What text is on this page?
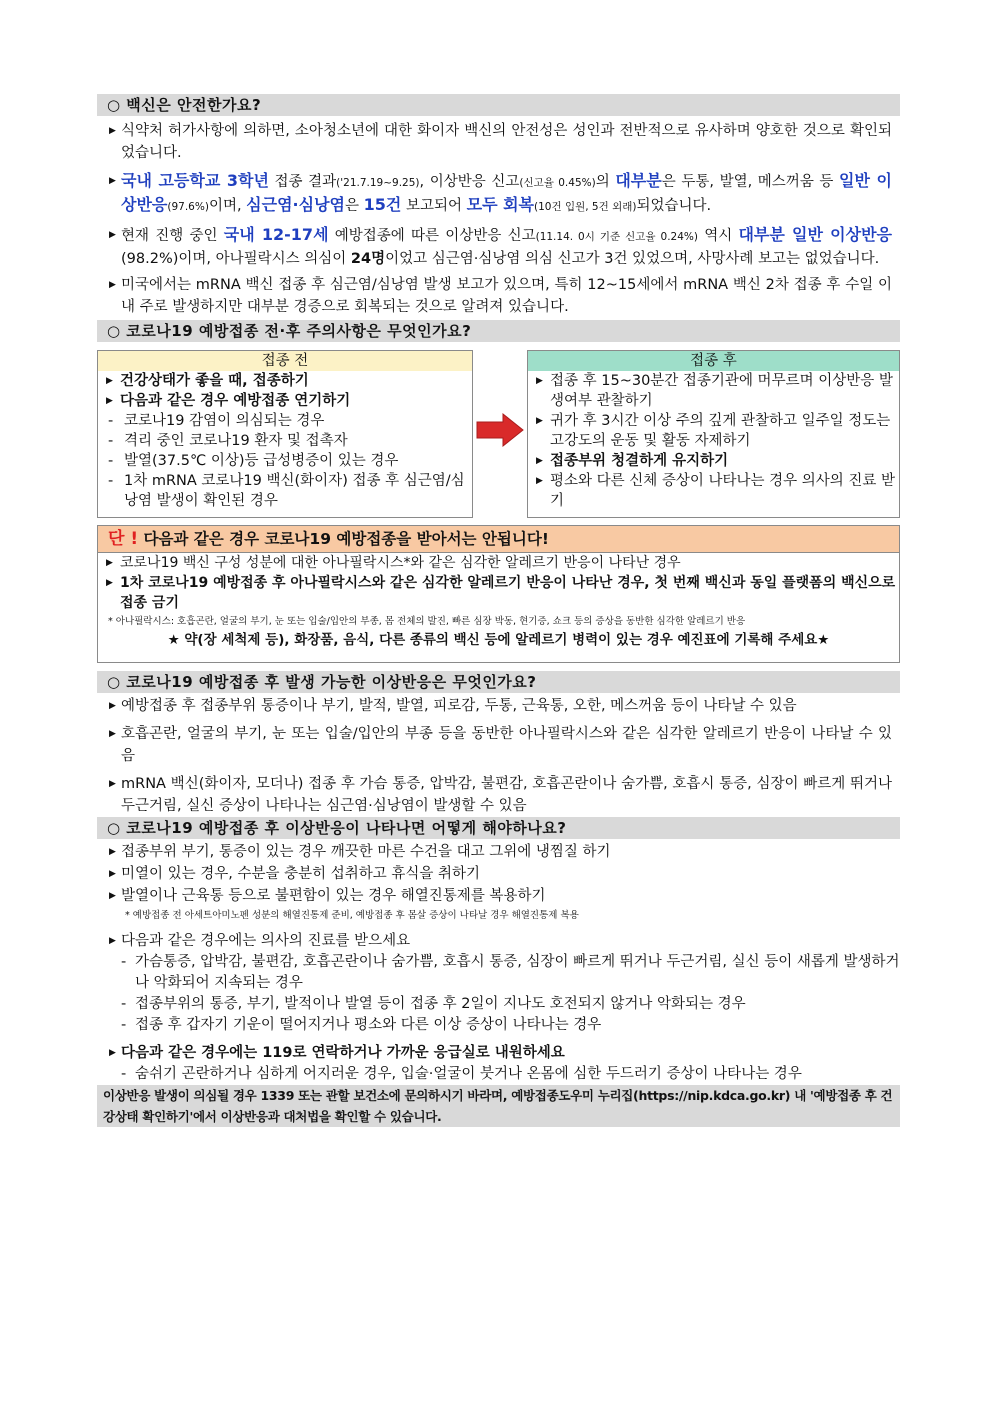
○ 백신은 안전한가요?
▶ 식약처 허가사항에 의하면, 소아청소년에 대한 화이자 백신의 안전성은 성인과 전반적으로 유사하며 양호한 것으로 확인되었습니다.
▶ 국내 고등학교 3학년 접종 결과('21.7.19~9.25), 이상반응 신고(신고율 0.45%)의 대부분은 두통, 발열, 메스꺼움 등 일반 이상반응(97.6%)이며, 심근염·심낭염은 15건 보고되어 모두 회복(10건 입원, 5건 외래)되었습니다.
▶ 현재 진행 중인 국내 12-17세 예방접종에 따른 이상반응 신고(11.14. 0시 기준 신고율 0.24%) 역시 대부분 일반 이상반응(98.2%)이며, 아나필락시스 의심이 24명이었고 심근염·심낭염 의심 신고가 3건 있었으며, 사망사례 보고는 없었습니다.
▶ 미국에서는 mRNA 백신 접종 후 심근염/심낭염 발생 보고가 있으며, 특히 12~15세에서 mRNA 백신 2차 접종 후 수일 이내 주로 발생하지만 대부분 경증으로 회복되는 것으로 알려져 있습니다.
○ 코로나19 예방접종 전·후 주의사항은 무엇인가요?
접종 전
▶ 건강상태가 좋을 때, 접종하기
▶ 다음과 같은 경우 예방접종 연기하기
- 코로나19 감염이 의심되는 경우
- 격리 중인 코로나19 환자 및 접촉자
- 발열(37.5℃ 이상)등 급성병증이 있는 경우
- 1차 mRNA 코로나19 백신(화이자) 접종 후 심근염/심낭염 발생이 확인된 경우
접종 후
▶ 접종 후 15~30분간 접종기관에 머무르며 이상반응 발생여부 관찰하기
▶ 귀가 후 3시간 이상 주의 깊게 관찰하고 일주일 정도는 고강도의 운동 및 활동 자제하기
▶ 접종부위 청결하게 유지하기
▶ 평소와 다른 신체 증상이 나타나는 경우 의사의 진료 받기
단 ! 다음과 같은 경우 코로나19 예방접종을 받아서는 안됩니다!
▶ 코로나19 백신 구성 성분에 대한 아나필락시스*와 같은 심각한 알레르기 반응이 나타난 경우
▶ 1차 코로나19 예방접종 후 아나필락시스와 같은 심각한 알레르기 반응이 나타난 경우, 첫 번째 백신과 동일 플랫폼의 백신으로 접종 금기
* 아나필락시스: 호흡곤란, 얼굴의 부기, 눈 또는 입술/입안의 부종, 몸 전체의 발진, 빠른 심장 박동, 현기증, 쇼크 등의 증상을 동반한 심각한 알레르기 반응
★ 약(장 세척제 등), 화장품, 음식, 다른 종류의 백신 등에 알레르기 병력이 있는 경우 예진표에 기록해 주세요★
○ 코로나19 예방접종 후 발생 가능한 이상반응은 무엇인가요?
▶ 예방접종 후 접종부위 통증이나 부기, 발적, 발열, 피로감, 두통, 근육통, 오한, 메스꺼움 등이 나타날 수 있음
▶ 호흡곤란, 얼굴의 부기, 눈 또는 입술/입안의 부종 등을 동반한 아나필락시스와 같은 심각한 알레르기 반응이 나타날 수 있음
▶ mRNA 백신(화이자, 모더나) 접종 후 가슴 통증, 압박감, 불편감, 호흡곤란이나 숨가쁨, 호흡시 통증, 심장이 빠르게 뛰거나 두근거림, 실신 증상이 나타나는 심근염·심낭염이 발생할 수 있음
○ 코로나19 예방접종 후 이상반응이 나타나면 어떻게 해야하나요?
▶ 접종부위 부기, 통증이 있는 경우 깨끗한 마른 수건을 대고 그위에 냉찜질 하기
▶ 미열이 있는 경우, 수분을 충분히 섭취하고 휴식을 취하기
▶ 발열이나 근육통 등으로 불편함이 있는 경우 해열진통제를 복용하기
* 예방접종 전 아세트아미노펜 성분의 해열진통제 준비, 예방접종 후 몸살 증상이 나타날 경우 해열진통제 복용
▶ 다음과 같은 경우에는 의사의 진료를 받으세요
- 가슴통증, 압박감, 불편감, 호흡곤란이나 숨가쁨, 호흡시 통증, 심장이 빠르게 뛰거나 두근거림, 실신 등이 새롭게 발생하거나 악화되어 지속되는 경우
- 접종부위의 통증, 부기, 발적이나 발열 등이 접종 후 2일이 지나도 호전되지 않거나 악화되는 경우
- 접종 후 갑자기 기운이 떨어지거나 평소와 다른 이상 증상이 나타나는 경우
▶ 다음과 같은 경우에는 119로 연락하거나 가까운 응급실로 내원하세요
- 숨쉬기 곤란하거나 심하게 어지러운 경우, 입술·얼굴이 붓거나 온몸에 심한 두드러기 증상이 나타나는 경우
이상반응 발생이 의심될 경우 1339 또는 관할 보건소에 문의하시기 바라며, 예방접종도우미 누리집(https://nip.kdca.go.kr) 내 '예방접종 후 건강상태 확인하기'에서 이상반응과 대처법을 확인할 수 있습니다.
